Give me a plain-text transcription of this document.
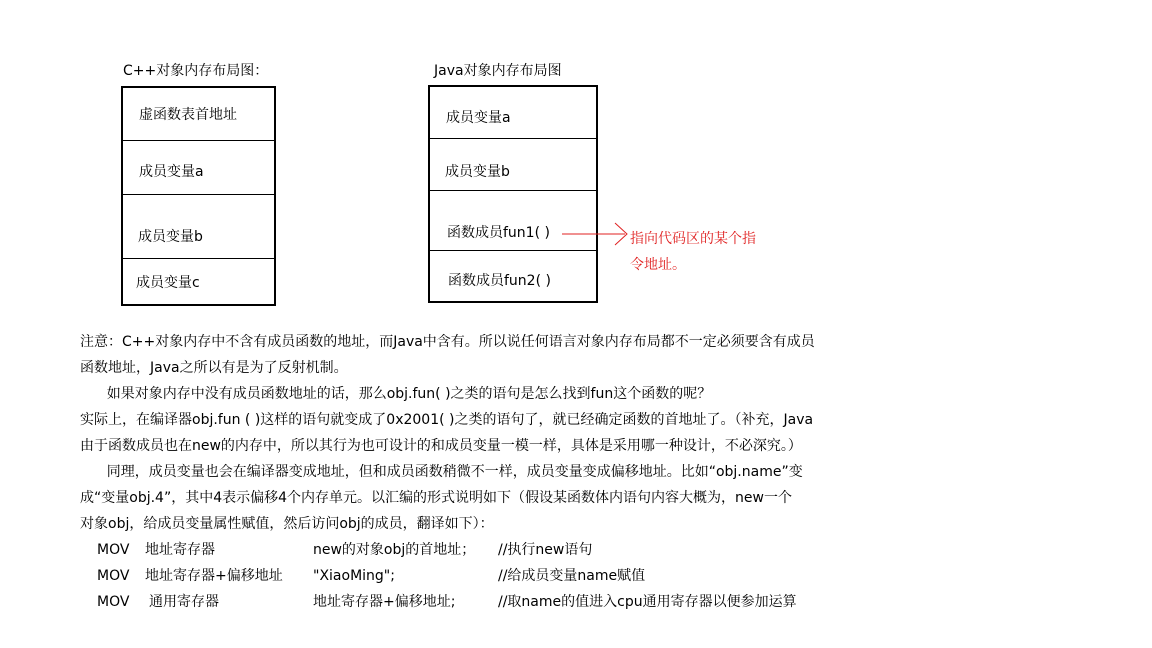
C++对象内存布局图：
虚函数表首地址
成员变量a
成员变量b
成员变量c
Java对象内存布局图
成员变量a
成员变量b
函数成员fun1( )
函数成员fun2( )
指向代码区的某个指
令地址。
注意：C++对象内存中不含有成员函数的地址，而Java中含有。所以说任何语言对象内存布局都不一定必须要含有成员
函数地址，Java之所以有是为了反射机制。
如果对象内存中没有成员函数地址的话，那么obj.fun( )之类的语句是怎么找到fun这个函数的呢？
实际上，在编译器obj.fun ( )这样的语句就变成了0x2001( )之类的语句了，就已经确定函数的首地址了。（补充，Java
由于函数成员也在new的内存中，所以其行为也可设计的和成员变量一模一样，具体是采用哪一种设计，不必深究。）
同理，成员变量也会在编译器变成地址，但和成员函数稍微不一样，成员变量变成偏移地址。比如“obj.name”变
成“变量obj.4”，其中4表示偏移4个内存单元。以汇编的形式说明如下（假设某函数体内语句内容大概为，new一个
对象obj，给成员变量属性赋值，然后访问obj的成员，翻译如下）：
MOV 地址寄存器	new的对象obj的首地址； //执行new语句
MOV 地址寄存器+偏移地址 "XiaoMing";	//给成员变量name赋值
MOV 通用寄存器	地址寄存器+偏移地址;	//取name的值进入cpu通用寄存器以便参加运算
